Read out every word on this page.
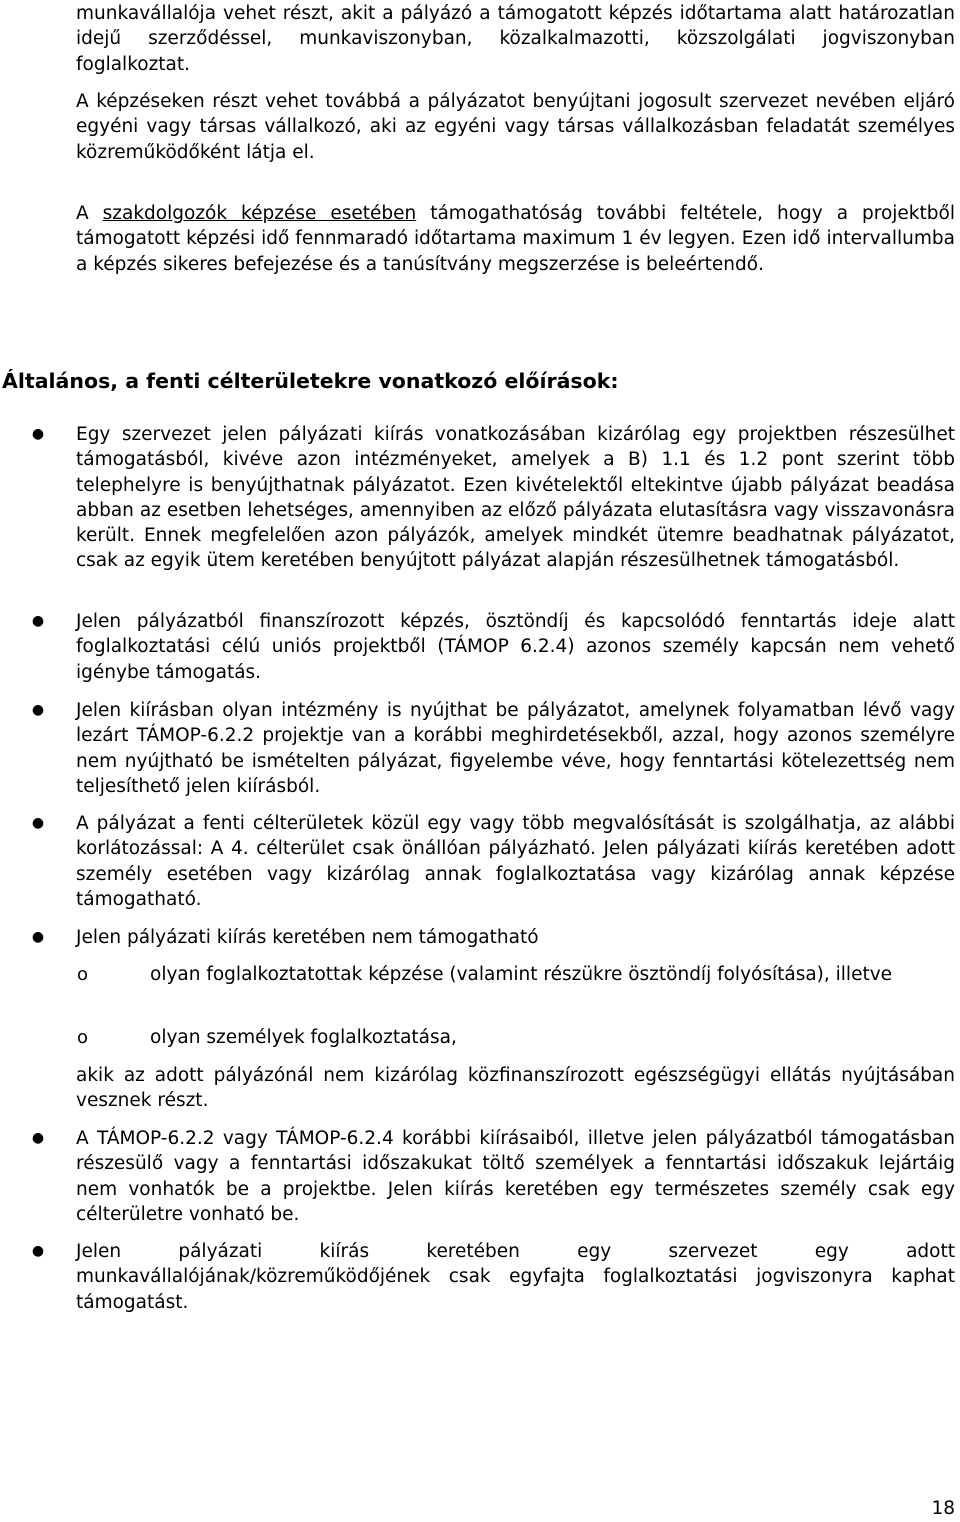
munkavállalója vehet részt, akit a pályázó a támogatott képzés időtartama alatt határozatlan idejű szerződéssel, munkaviszonyban, közalkalmazotti, közszolgálati jogviszonyban foglalkoztat.

A képzéseken részt vehet továbbá a pályázatot benyújtani jogosult szervezet nevében eljáró egyéni vagy társas vállalkozó, aki az egyéni vagy társas vállalkozásban feladatát személyes közreműködőként látja el.

A szakdolgozók képzése esetében támogathatóság további feltétele, hogy a projektből támogatott képzési idő fennmaradó időtartama maximum 1 év legyen. Ezen idő intervallumba a képzés sikeres befejezése és a tanúsítvány megszerzése is beleértendő.

Általános, a fenti célterületekre vonatkozó előírások:
● Egy szervezet jelen pályázati kiírás vonatkozásában kizárólag egy projektben részesülhet támogatásból, kivéve azon intézményeket, amelyek a B) 1.1 és 1.2 pont szerint több telephelyre is benyújthatnak pályázatot. Ezen kivételektől eltekintve újabb pályázat beadása abban az esetben lehetséges, amennyiben az előző pályázata elutasításra vagy visszavonásra került. Ennek megfelelően azon pályázók, amelyek mindkét ütemre beadhatnak pályázatot, csak az egyik ütem keretében benyújtott pályázat alapján részesülhetnek támogatásból.

● Jelen pályázatból finanszírozott képzés, ösztöndíj és kapcsolódó fenntartás ideje alatt foglalkoztatási célú uniós projektből (TÁMOP 6.2.4) azonos személy kapcsán nem vehető igénybe támogatás.

● Jelen kiírásban olyan intézmény is nyújthat be pályázatot, amelynek folyamatban lévő vagy lezárt TÁMOP-6.2.2 projektje van a korábbi meghirdetésekből, azzal, hogy azonos személyre nem nyújtható be ismételten pályázat, figyelembe véve, hogy fenntartási kötelezettség nem teljesíthető jelen kiírásból.

● A pályázat a fenti célterületek közül egy vagy több megvalósítását is szolgálhatja, az alábbi korlátozással: A 4. célterület csak önállóan pályázható. Jelen pályázati kiírás keretében adott személy esetében vagy kizárólag annak foglalkoztatása vagy kizárólag annak képzése támogatható.

● Jelen pályázati kiírás keretében nem támogatható

o	olyan foglalkoztatottak képzése (valamint részükre ösztöndíj folyósítása), illetve

o	olyan személyek foglalkoztatása,

akik az adott pályázónál nem kizárólag közfinanszírozott egészségügyi ellátás nyújtásában vesznek részt.

● A TÁMOP-6.2.2 vagy TÁMOP-6.2.4 korábbi kiírásaiból, illetve jelen pályázatból támogatásban részesülő vagy a fenntartási időszakukat töltő személyek a fenntartási időszakuk lejártáig nem vonhatók be a projektbe. Jelen kiírás keretében egy természetes személy csak egy célterületre vonható be.

● Jelen pályázati kiírás keretében egy szervezet egy adott munkavállalójának/közreműködőjének csak egyfajta foglalkoztatási jogviszonyra kaphat támogatást.

18
